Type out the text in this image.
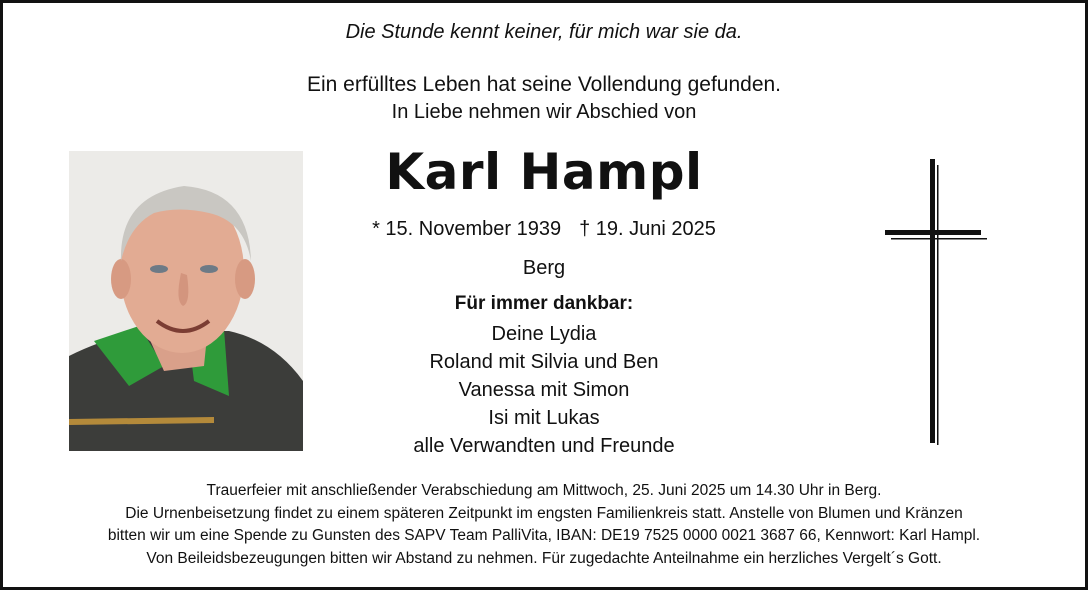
Die Stunde kennt keiner, für mich war sie da.
Ein erfülltes Leben hat seine Vollendung gefunden.
In Liebe nehmen wir Abschied von
Karl Hampl
* 15. November 1939 † 19. Juni 2025
Berg
Für immer dankbar:
Deine Lydia
Roland mit Silvia und Ben
Vanessa mit Simon
Isi mit Lukas
alle Verwandten und Freunde
Trauerfeier mit anschließender Verabschiedung am Mittwoch, 25. Juni 2025 um 14.30 Uhr in Berg.
Die Urnenbeisetzung findet zu einem späteren Zeitpunkt im engsten Familienkreis statt. Anstelle von Blumen und Kränzen
bitten wir um eine Spende zu Gunsten des SAPV Team PalliVita, IBAN: DE19 7525 0000 0021 3687 66, Kennwort: Karl Hampl.
Von Beileidsbezeugungen bitten wir Abstand zu nehmen. Für zugedachte Anteilnahme ein herzliches Vergelt´s Gott.
